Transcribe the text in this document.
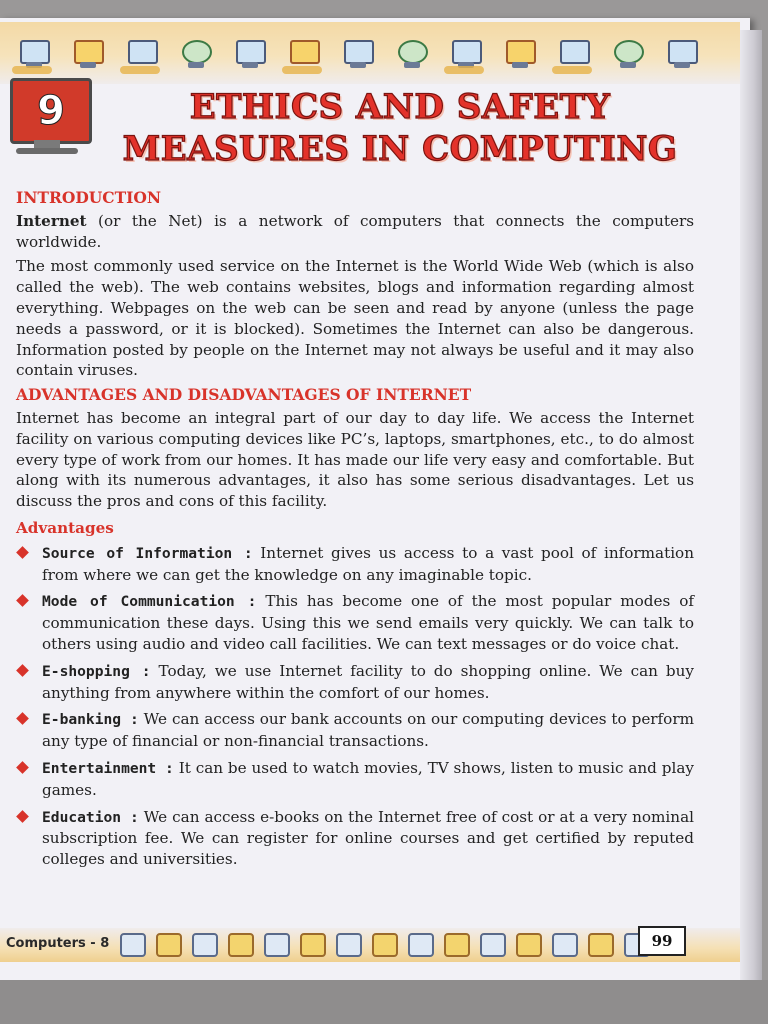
9	ETHICS AND SAFETY MEASURES IN COMPUTING
INTRODUCTION

Internet (or the Net) is a network of computers that connects the computers worldwide.

The most commonly used service on the Internet is the World Wide Web (which is also called the web). The web contains websites, blogs and information regarding almost everything. Webpages on the web can be seen and read by anyone (unless the page needs a password, or it is blocked). Sometimes the Internet can also be dangerous. Information posted by people on the Internet may not always be useful and it may also contain viruses.

ADVANTAGES AND DISADVANTAGES OF INTERNET

Internet has become an integral part of our day to day life. We access the Internet facility on various computing devices like PC’s, laptops, smartphones, etc., to do almost every type of work from our homes. It has made our life very easy and comfortable. But along with its numerous advantages, it also has some serious disadvantages. Let us discuss the pros and cons of this facility.

Advantages
Source of Information : Internet gives us access to a vast pool of information from where we can get the knowledge on any imaginable topic.
Mode of Communication : This has become one of the most popular modes of communication these days. Using this we send emails very quickly. We can talk to others using audio and video call facilities. We can text messages or do voice chat.
E-shopping : Today, we use Internet facility to do shopping online. We can buy anything from anywhere within the comfort of our homes.
E-banking : We can access our bank accounts on our computing devices to perform any type of financial or non-financial transactions.
Entertainment : It can be used to watch movies, TV shows, listen to music and play games.
Education : We can access e-books on the Internet free of cost or at a very nominal subscription fee. We can register for online courses and get certified by reputed colleges and universities.
Computers - 8	99
